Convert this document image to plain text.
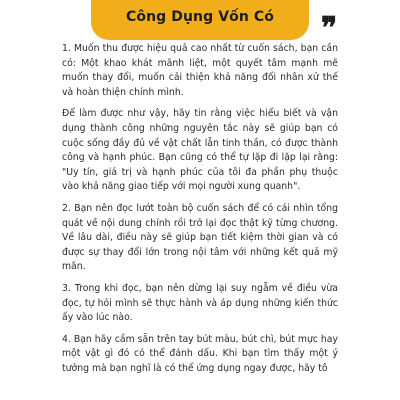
Công Dụng Vốn Có	❞

1. Muốn thu được hiệu quả cao nhất từ cuốn sách, bạn cần có: Một khao khát mãnh liệt, một quyết tâm mạnh mẽ muốn thay đổi, muốn cải thiện khả năng đối nhân xử thế và hoàn thiện chính mình.

Để làm được như vậy, hãy tin rằng việc hiểu biết và vận dụng thành công những nguyên tắc này sẽ giúp bạn có cuộc sống đầy đủ về vật chất lẫn tinh thần, có được thành công và hạnh phúc. Bạn cũng có thể tự lặp đi lặp lại rằng: "Uy tín, giá trị và hạnh phúc của tôi đa phần phụ thuộc vào khả năng giao tiếp với mọi người xung quanh".

2. Bạn nên đọc lướt toàn bộ cuốn sách để có cái nhìn tổng quát về nội dung chính rồi trở lại đọc thật kỹ từng chương. Về lâu dài, điều này sẽ giúp bạn tiết kiệm thời gian và có được sự thay đổi lớn trong nội tâm với những kết quả mỹ mãn.

3. Trong khi đọc, bạn nên dừng lại suy ngẫm về điều vừa đọc, tự hỏi mình sẽ thực hành và áp dụng những kiến thức ấy vào lúc nào.

4. Bạn hãy cầm sẵn trên tay bút màu, bút chì, bút mực hay một vật gì đó có thể đánh dấu. Khi bạn tìm thấy một ý tưởng mà bạn nghĩ là có thể ứng dụng ngay được, hãy tô
